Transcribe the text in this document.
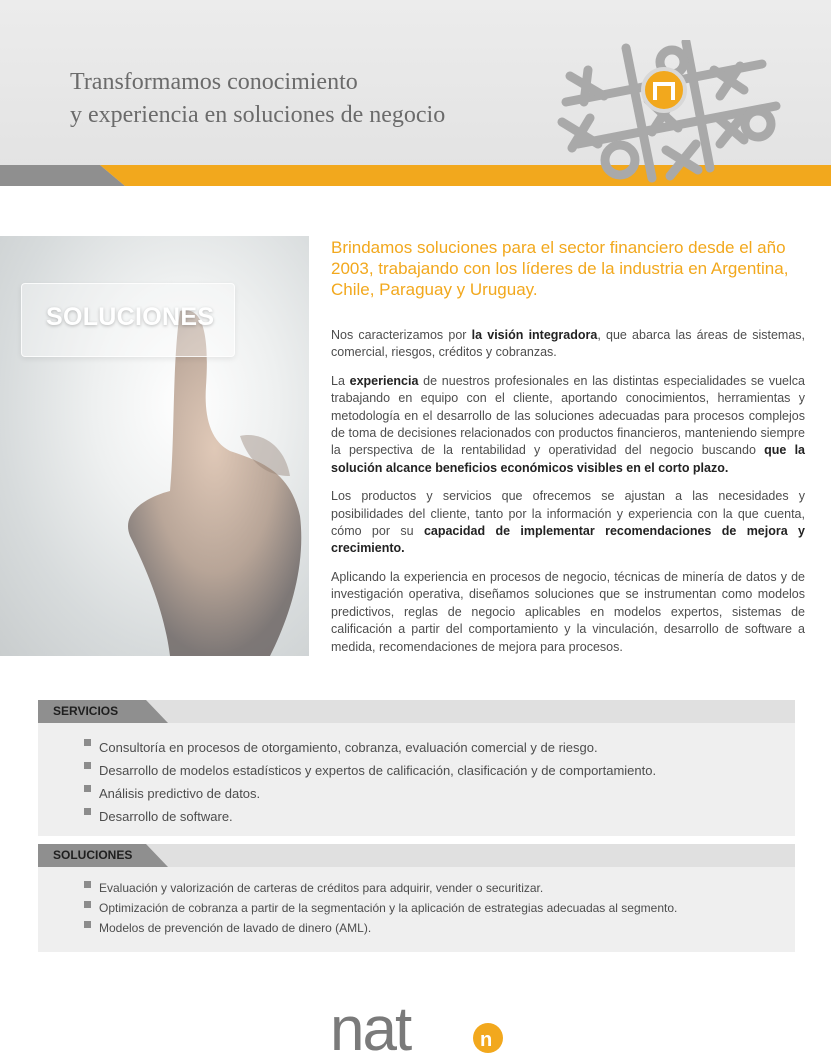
Transformamos conocimiento
y experiencia en soluciones de negocio
SOLUCIONES

Brindamos soluciones para el sector financiero desde el año 2003, trabajando con los líderes de la industria en Argentina, Chile, Paraguay y Uruguay.

Nos caracterizamos por la visión integradora, que abarca las áreas de sistemas, comercial, riesgos, créditos y cobranzas.

La experiencia de nuestros profesionales en las distintas especialidades se vuelca trabajando en equipo con el cliente, aportando conocimientos, herramientas y metodología en el desarrollo de las soluciones adecuadas para procesos complejos de toma de decisiones relacionados con productos financieros, manteniendo siempre la perspectiva de la rentabilidad y operatividad del negocio buscando que la solución alcance beneficios económicos visibles en el corto plazo.

Los productos y servicios que ofrecemos se ajustan a las necesidades y posibilidades del cliente, tanto por la información y experiencia con la que cuenta, cómo por su capacidad de implementar recomendaciones de mejora y crecimiento.

Aplicando la experiencia en procesos de negocio, técnicas de minería de datos y de investigación operativa, diseñamos soluciones que se instrumentan como modelos predictivos, reglas de negocio aplicables en modelos expertos, sistemas de calificación a partir del comportamiento y la vinculación, desarrollo de software a medida, recomendaciones de mejora para procesos.

SERVICIOS
Consultoría en procesos de otorgamiento, cobranza, evaluación comercial y de riesgo.
Desarrollo de modelos estadísticos y expertos de calificación, clasificación y de comportamiento.
Análisis predictivo de datos.
Desarrollo de software.
SOLUCIONES
Evaluación y valorización de carteras de créditos para adquirir, vender o securitizar.
Optimización de cobranza a partir de la segmentación y la aplicación de estrategias adecuadas al segmento.
Modelos de prevención de lavado de dinero (AML).
nat	n
